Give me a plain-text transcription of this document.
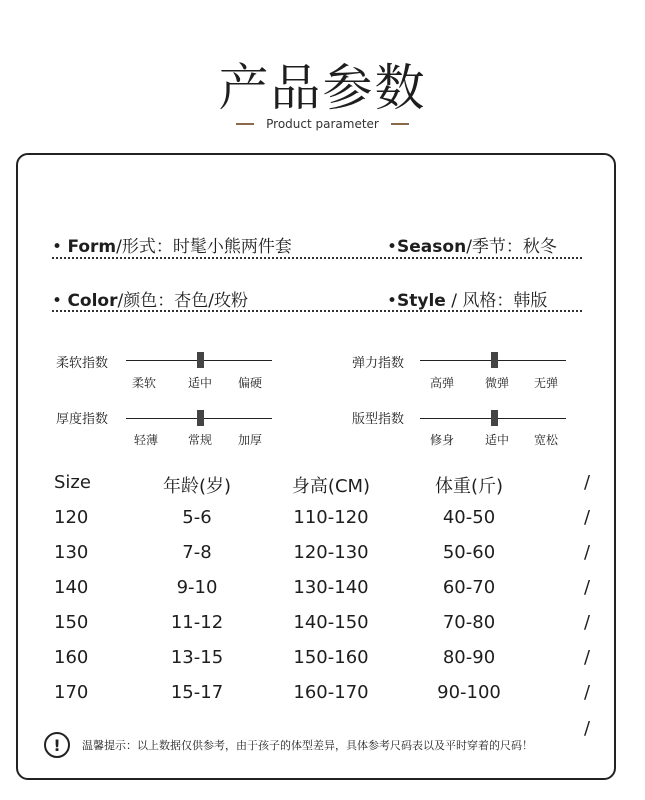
产品参数
Product parameter
• Form/形式：时髦小熊两件套	•Season/季节：秋冬
• Color/颜色：杏色/玫粉	•Style / 风格：韩版
柔软指数
柔软	适中 偏硬
弹力指数
高弹	微弹 无弹
厚度指数
轻薄 常规 加厚
版型指数
修身	适中 宽松
Size	年龄(岁)	身高(CM)	体重(斤)	/
120	5-6	110-120	40-50	/
130	7-8	120-130	50-60	/
140	9-10	130-140	60-70	/
150	11-12	140-150	70-80	/
160	13-15	150-160	80-90	/
170	15-17	160-170	90-100	/
/
!	温馨提示：以上数据仅供参考，由于孩子的体型差异，具体参考尺码表以及平时穿着的尺码！
